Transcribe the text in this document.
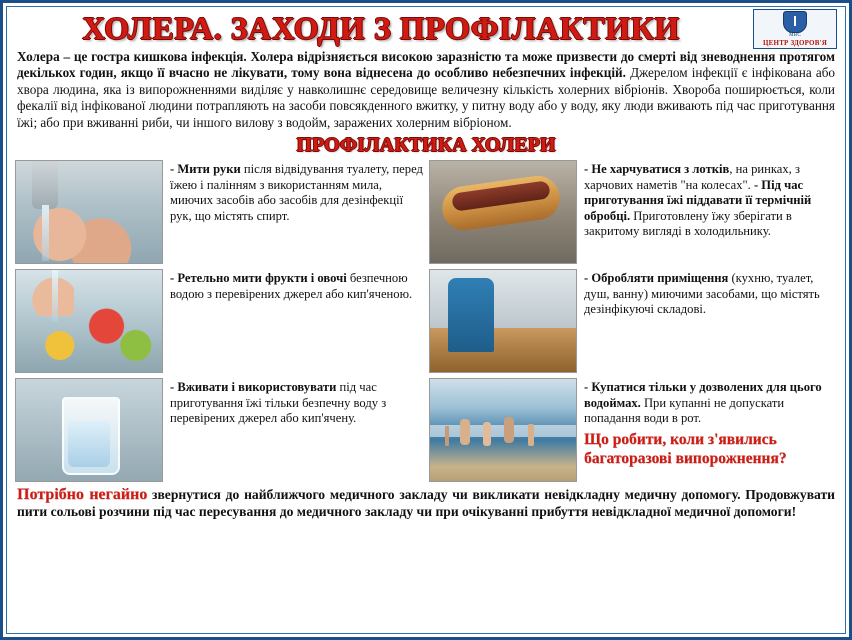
ХОЛЕРА. ЗАХОДИ З ПРОФІЛАКТИКИ	МВС
ЦЕНТР ЗДОРОВ'Я
Холера – це гостра кишкова інфекція. Холера відрізняється високою заразністю та може призвести до смерті від зневоднення протягом декількох годин, якщо її вчасно не лікувати, тому вона віднесена до особливо небезпечних інфекцій. Джерелом інфекції є інфікована або хвора людина, яка із випорожненнями виділяє у навколишнє середовище величезну кількість холерних вібріонів. Хвороба поширюється, коли фекалії від інфікованої людини потрапляють на засоби повсякденного вжитку, у питну воду або у воду, яку люди вживають під час приготування їжі; або при вживанні риби, чи іншого вилову з водойм, заражених холерним вібріоном.
ПРОФІЛАКТИКА ХОЛЕРИ
- Мити руки після відвідування туалету, перед їжею і палінням з використанням мила, миючих засобів або засобів для дезінфекції рук, що містять спирт.
- Ретельно мити фрукти і овочі безпечною водою з перевірених джерел або кип'яченою.
- Вживати і використовувати під час приготування їжі тільки безпечну воду з перевірених джерел або кип'ячену.
- Не харчуватися з лотків, на ринках, з харчових наметів "на колесах". - Під час приготування їжі піддавати її термічній обробці. Приготовлену їжу зберігати в закритому вигляді в холодильнику.
- Обробляти приміщення (кухню, туалет, душ, ванну) миючими засобами, що містять дезінфікуючі складові.
- Купатися тільки у дозволених для цього водоймах. При купанні не допускати попадання води в рот.
Що робити, коли з'явились багаторазові випорожнення?
Потрібно негайно звернутися до найближчого медичного закладу чи викликати невідкладну медичну допомогу. Продовжувати пити сольові розчини під час пересування до медичного закладу чи при очікуванні прибуття невідкладної медичної допомоги!
